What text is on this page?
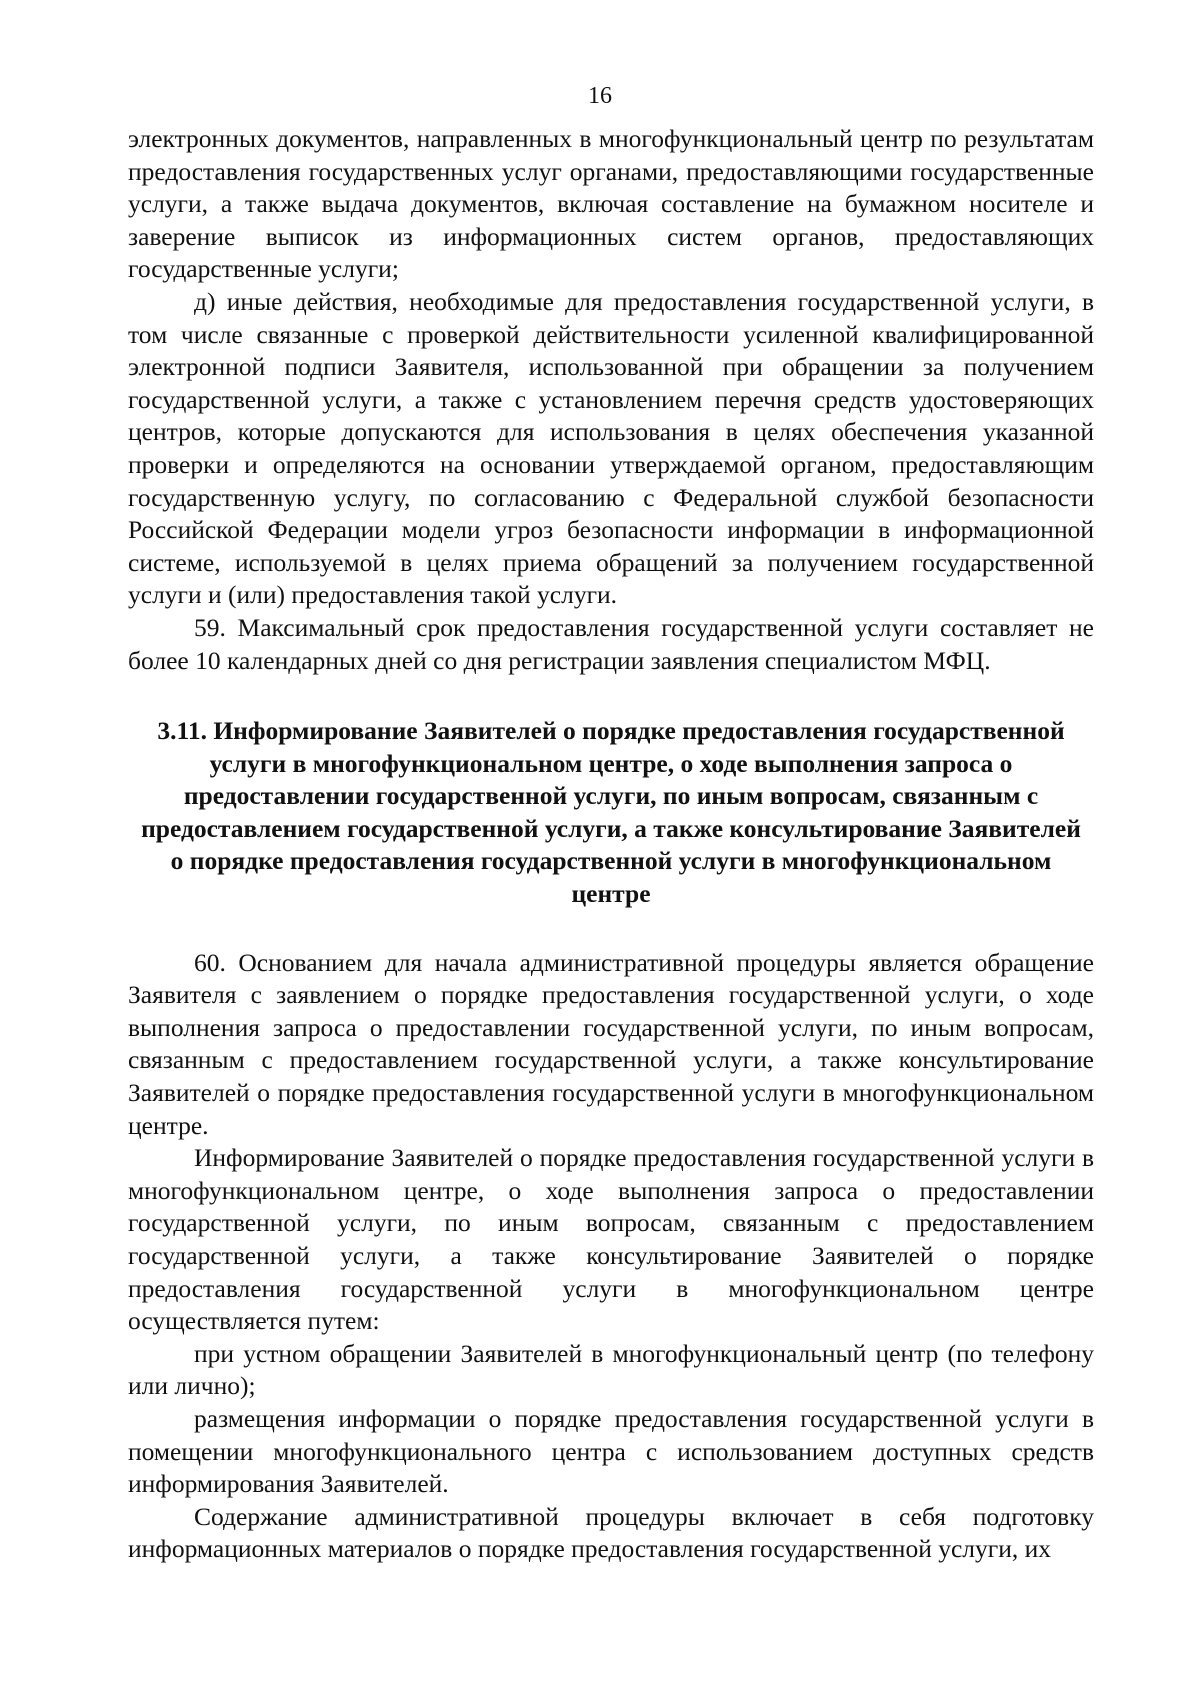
16

электронных документов, направленных в многофункциональный центр по результатам предоставления государственных услуг органами, предоставляющими государственные услуги, а также выдача документов, включая составление на бумажном носителе и заверение выписок из информационных систем органов, предоставляющих государственные услуги;

д) иные действия, необходимые для предоставления государственной услуги, в том числе связанные с проверкой действительности усиленной квалифицированной электронной подписи Заявителя, использованной при обращении за получением государственной услуги, а также с установлением перечня средств удостоверяющих центров, которые допускаются для использования в целях обеспечения указанной проверки и определяются на основании утверждаемой органом, предоставляющим государственную услугу, по согласованию с Федеральной службой безопасности Российской Федерации модели угроз безопасности информации в информационной системе, используемой в целях приема обращений за получением государственной услуги и (или) предоставления такой услуги.

59. Максимальный срок предоставления государственной услуги составляет не более 10 календарных дней со дня регистрации заявления специалистом МФЦ.

3.11. Информирование Заявителей о порядке предоставления государственной услуги в многофункциональном центре, о ходе выполнения запроса о предоставлении государственной услуги, по иным вопросам, связанным с предоставлением государственной услуги, а также консультирование Заявителей о порядке предоставления государственной услуги в многофункциональном центре

60. Основанием для начала административной процедуры является обращение Заявителя с заявлением о порядке предоставления государственной услуги, о ходе выполнения запроса о предоставлении государственной услуги, по иным вопросам, связанным с предоставлением государственной услуги, а также консультирование Заявителей о порядке предоставления государственной услуги в многофункциональном центре.

Информирование Заявителей о порядке предоставления государственной услуги в многофункциональном центре, о ходе выполнения запроса о предоставлении государственной услуги, по иным вопросам, связанным с предоставлением государственной услуги, а также консультирование Заявителей о порядке предоставления государственной услуги в многофункциональном центре осуществляется путем:

при устном обращении Заявителей в многофункциональный центр (по телефону или лично);

размещения информации о порядке предоставления государственной услуги в помещении многофункционального центра с использованием доступных средств информирования Заявителей.

Содержание административной процедуры включает в себя подготовку информационных материалов о порядке предоставления государственной услуги, их
